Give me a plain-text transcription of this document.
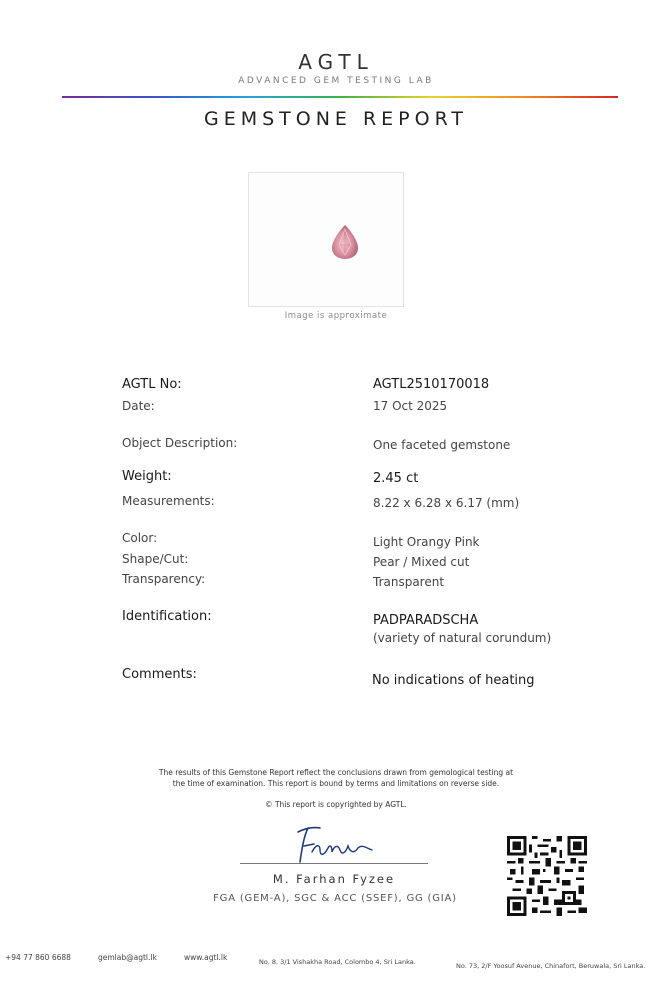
AGTL
ADVANCED GEM TESTING LAB
GEMSTONE REPORT
Image is approximate
AGTL No:	AGTL2510170018
Date:	17 Oct 2025
Object Description:	One faceted gemstone
Weight:	2.45 ct
Measurements:	8.22 x 6.28 x 6.17 (mm)
Color:	Light Orangy Pink
Shape/Cut:	Pear / Mixed cut
Transparency:	Transparent
Identification:	PADPARADSCHA
(variety of natural corundum)
Comments:	No indications of heating
The results of this Gemstone Report reflect the conclusions drawn from gemological testing at
the time of examination. This report is bound by terms and limitations on reverse side.
© This report is copyrighted by AGTL.
M. Farhan Fyzee
FGA (GEM-A), SGC & ACC (SSEF), GG (GIA)
+94 77 860 6688	gemlab@agtl.lk	www.agtl.lk	No. 8, 3/1 Vishakha Road, Colombo 4, Sri Lanka.	No. 73, 2/F Yoosuf Avenue, Chinafort, Beruwala, Sri Lanka.
